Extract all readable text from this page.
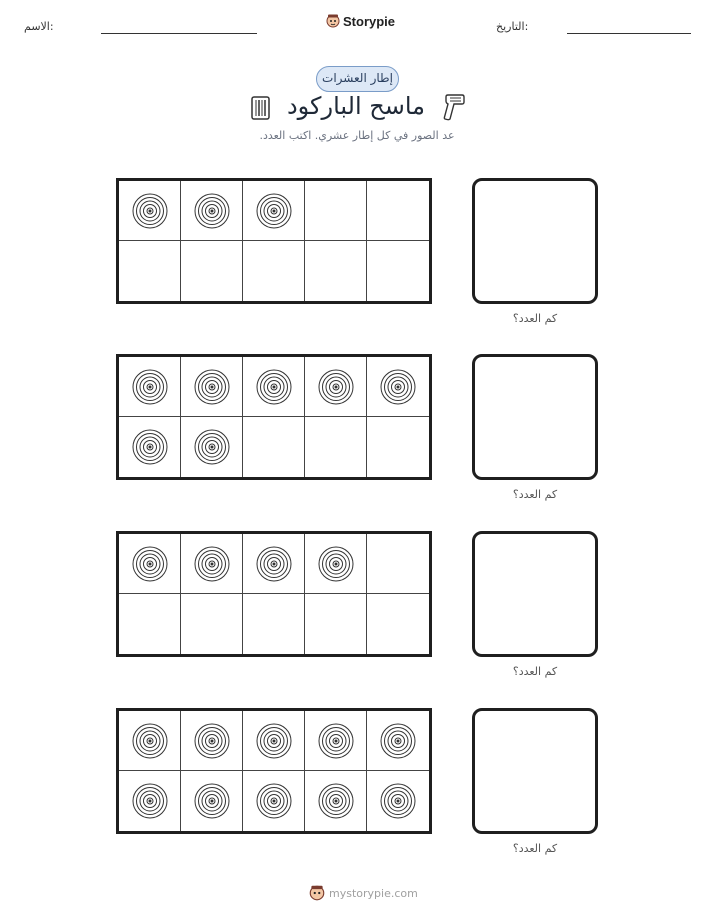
الاسم:	Storypie	التاريخ:
إطار العشرات
ماسح الباركود
عد الصور في كل إطار عشري. اكتب العدد.
كم العدد؟
كم العدد؟
كم العدد؟
كم العدد؟
mystorypie.com
